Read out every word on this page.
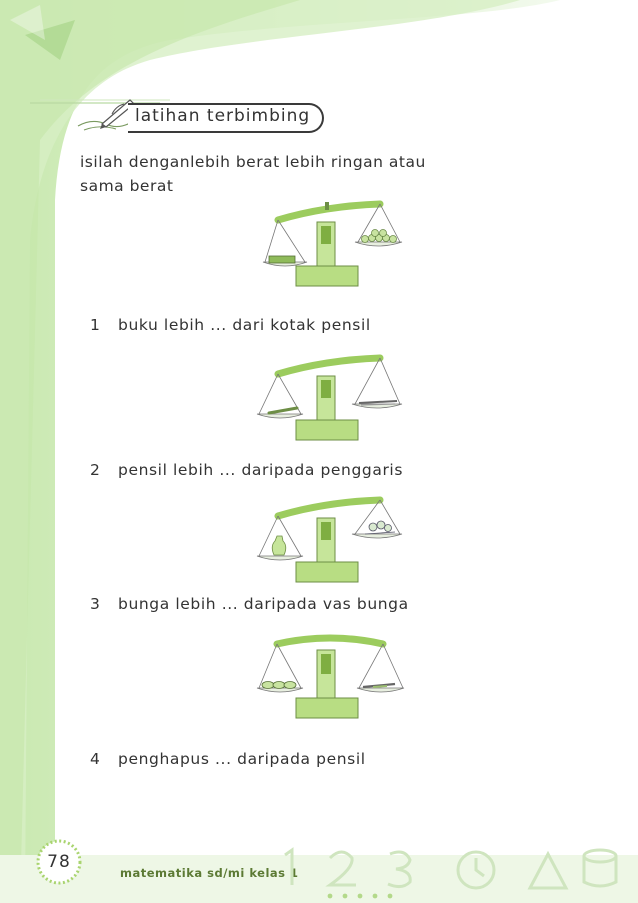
latihan terbimbing
isilah denganlebih berat lebih ringan atau
sama berat
1 buku lebih ... dari kotak pensil
2 pensil lebih ... daripada penggaris
3 bunga lebih ... daripada vas bunga
4 penghapus ... daripada pensil
78
matematika sd/mi kelas 1
